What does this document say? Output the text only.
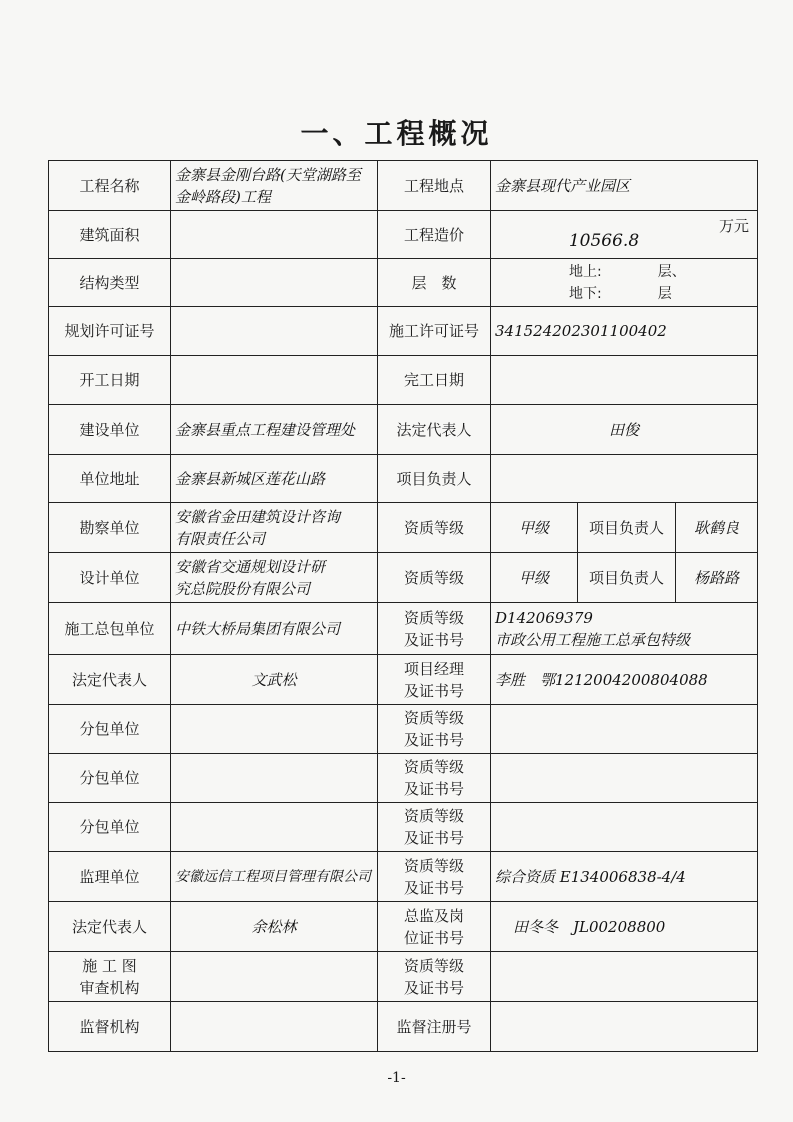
一、工程概况
工程名称	金寨县金刚台路(天堂湖路至
金岭路段)工程	工程地点	金寨县现代产业园区		
建筑面积		工程造价	10566.8
万元		

结构类型		层　数	地上:　　　　层、
地下:　　　　层		

规划许可证号		施工许可证号	341524202301100402		
开工日期		完工日期			
建设单位	金寨县重点工程建设管理处	法定代表人	田俊		
单位地址	金寨县新城区莲花山路	项目负责人			
勘察单位	安徽省金田建筑设计咨询
有限责任公司	资质等级	甲级	项目负责人	耿鹤良
设计单位	安徽省交通规划设计研
究总院股份有限公司	资质等级	甲级	项目负责人	杨路路
施工总包单位	中铁大桥局集团有限公司	资质等级
及证书号	D142069379
市政公用工程施工总承包特级		

法定代表人	文武松	项目经理
及证书号	李胜　鄂1212004200804088		
分包单位		资质等级
及证书号			

分包单位		资质等级
及证书号			

分包单位		资质等级
及证书号			

监理单位	安徽远信工程项目管理有限公司	资质等级
及证书号	综合资质 E134006838-4/4		
法定代表人	余松林	总监及岗
位证书号	田冬冬　JL00208800		

施 工 图
审查机构		资质等级
及证书号			

监督机构		监督注册号			
-1-
